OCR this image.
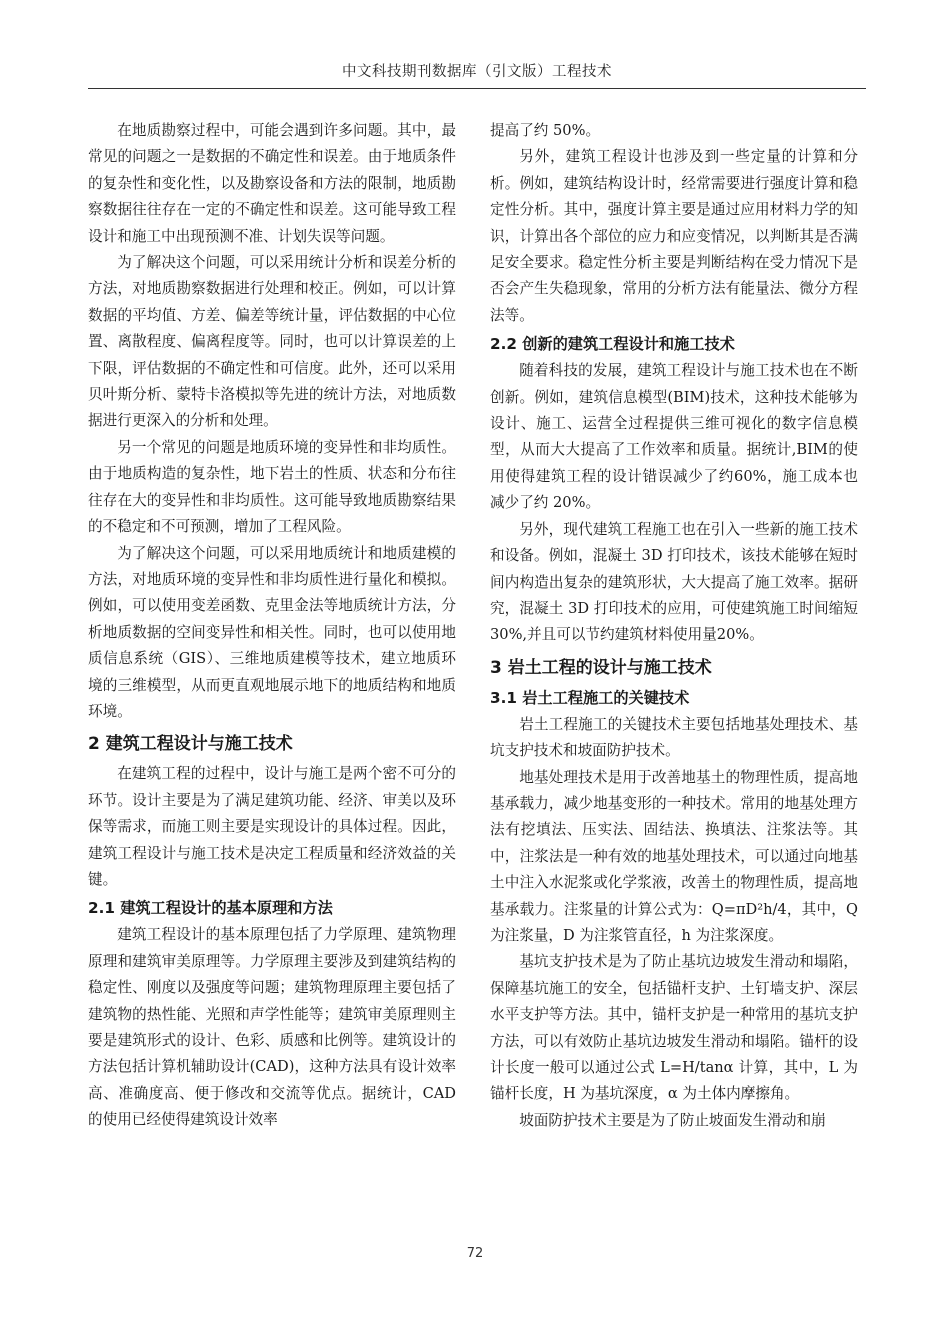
中文科技期刊数据库（引文版）工程技术

在地质勘察过程中，可能会遇到许多问题。其中，最常见的问题之一是数据的不确定性和误差。由于地质条件的复杂性和变化性，以及勘察设备和方法的限制，地质勘察数据往往存在一定的不确定性和误差。这可能导致工程设计和施工中出现预测不准、计划失误等问题。

为了解决这个问题，可以采用统计分析和误差分析的方法，对地质勘察数据进行处理和校正。例如，可以计算数据的平均值、方差、偏差等统计量，评估数据的中心位置、离散程度、偏离程度等。同时，也可以计算误差的上下限，评估数据的不确定性和可信度。此外，还可以采用贝叶斯分析、蒙特卡洛模拟等先进的统计方法，对地质数据进行更深入的分析和处理。

另一个常见的问题是地质环境的变异性和非均质性。由于地质构造的复杂性，地下岩土的性质、状态和分布往往存在大的变异性和非均质性。这可能导致地质勘察结果的不稳定和不可预测，增加了工程风险。

为了解决这个问题，可以采用地质统计和地质建模的方法，对地质环境的变异性和非均质性进行量化和模拟。例如，可以使用变差函数、克里金法等地质统计方法，分析地质数据的空间变异性和相关性。同时，也可以使用地质信息系统（GIS）、三维地质建模等技术，建立地质环境的三维模型，从而更直观地展示地下的地质结构和地质环境。

2 建筑工程设计与施工技术

在建筑工程的过程中，设计与施工是两个密不可分的环节。设计主要是为了满足建筑功能、经济、审美以及环保等需求，而施工则主要是实现设计的具体过程。因此，建筑工程设计与施工技术是决定工程质量和经济效益的关键。

2.1 建筑工程设计的基本原理和方法

建筑工程设计的基本原理包括了力学原理、建筑物理原理和建筑审美原理等。力学原理主要涉及到建筑结构的稳定性、刚度以及强度等问题；建筑物理原理主要包括了建筑物的热性能、光照和声学性能等；建筑审美原理则主要是建筑形式的设计、色彩、质感和比例等。建筑设计的方法包括计算机辅助设计(CAD)，这种方法具有设计效率高、准确度高、便于修改和交流等优点。据统计，CAD的使用已经使得建筑设计效率

提高了约 50%。

另外，建筑工程设计也涉及到一些定量的计算和分析。例如，建筑结构设计时，经常需要进行强度计算和稳定性分析。其中，强度计算主要是通过应用材料力学的知识，计算出各个部位的应力和应变情况，以判断其是否满足安全要求。稳定性分析主要是判断结构在受力情况下是否会产生失稳现象，常用的分析方法有能量法、微分方程法等。

2.2 创新的建筑工程设计和施工技术

随着科技的发展，建筑工程设计与施工技术也在不断创新。例如，建筑信息模型(BIM)技术，这种技术能够为设计、施工、运营全过程提供三维可视化的数字信息模型，从而大大提高了工作效率和质量。据统计,BIM的使用使得建筑工程的设计错误减少了约60%，施工成本也减少了约 20%。

另外，现代建筑工程施工也在引入一些新的施工技术和设备。例如，混凝土 3D 打印技术，该技术能够在短时间内构造出复杂的建筑形状，大大提高了施工效率。据研究，混凝土 3D 打印技术的应用，可使建筑施工时间缩短30%,并且可以节约建筑材料使用量20%。

3 岩土工程的设计与施工技术
3.1 岩土工程施工的关键技术

岩土工程施工的关键技术主要包括地基处理技术、基坑支护技术和坡面防护技术。

地基处理技术是用于改善地基土的物理性质，提高地基承载力，减少地基变形的一种技术。常用的地基处理方法有挖填法、压实法、固结法、换填法、注浆法等。其中，注浆法是一种有效的地基处理技术，可以通过向地基土中注入水泥浆或化学浆液，改善土的物理性质，提高地基承载力。注浆量的计算公式为：Q=πD²h/4，其中，Q 为注浆量，D 为注浆管直径，h 为注浆深度。

基坑支护技术是为了防止基坑边坡发生滑动和塌陷，保障基坑施工的安全，包括锚杆支护、土钉墙支护、深层水平支护等方法。其中，锚杆支护是一种常用的基坑支护方法，可以有效防止基坑边坡发生滑动和塌陷。锚杆的设计长度一般可以通过公式 L=H/tanα 计算，其中，L 为锚杆长度，H 为基坑深度，α 为土体内摩擦角。

坡面防护技术主要是为了防止坡面发生滑动和崩

72
